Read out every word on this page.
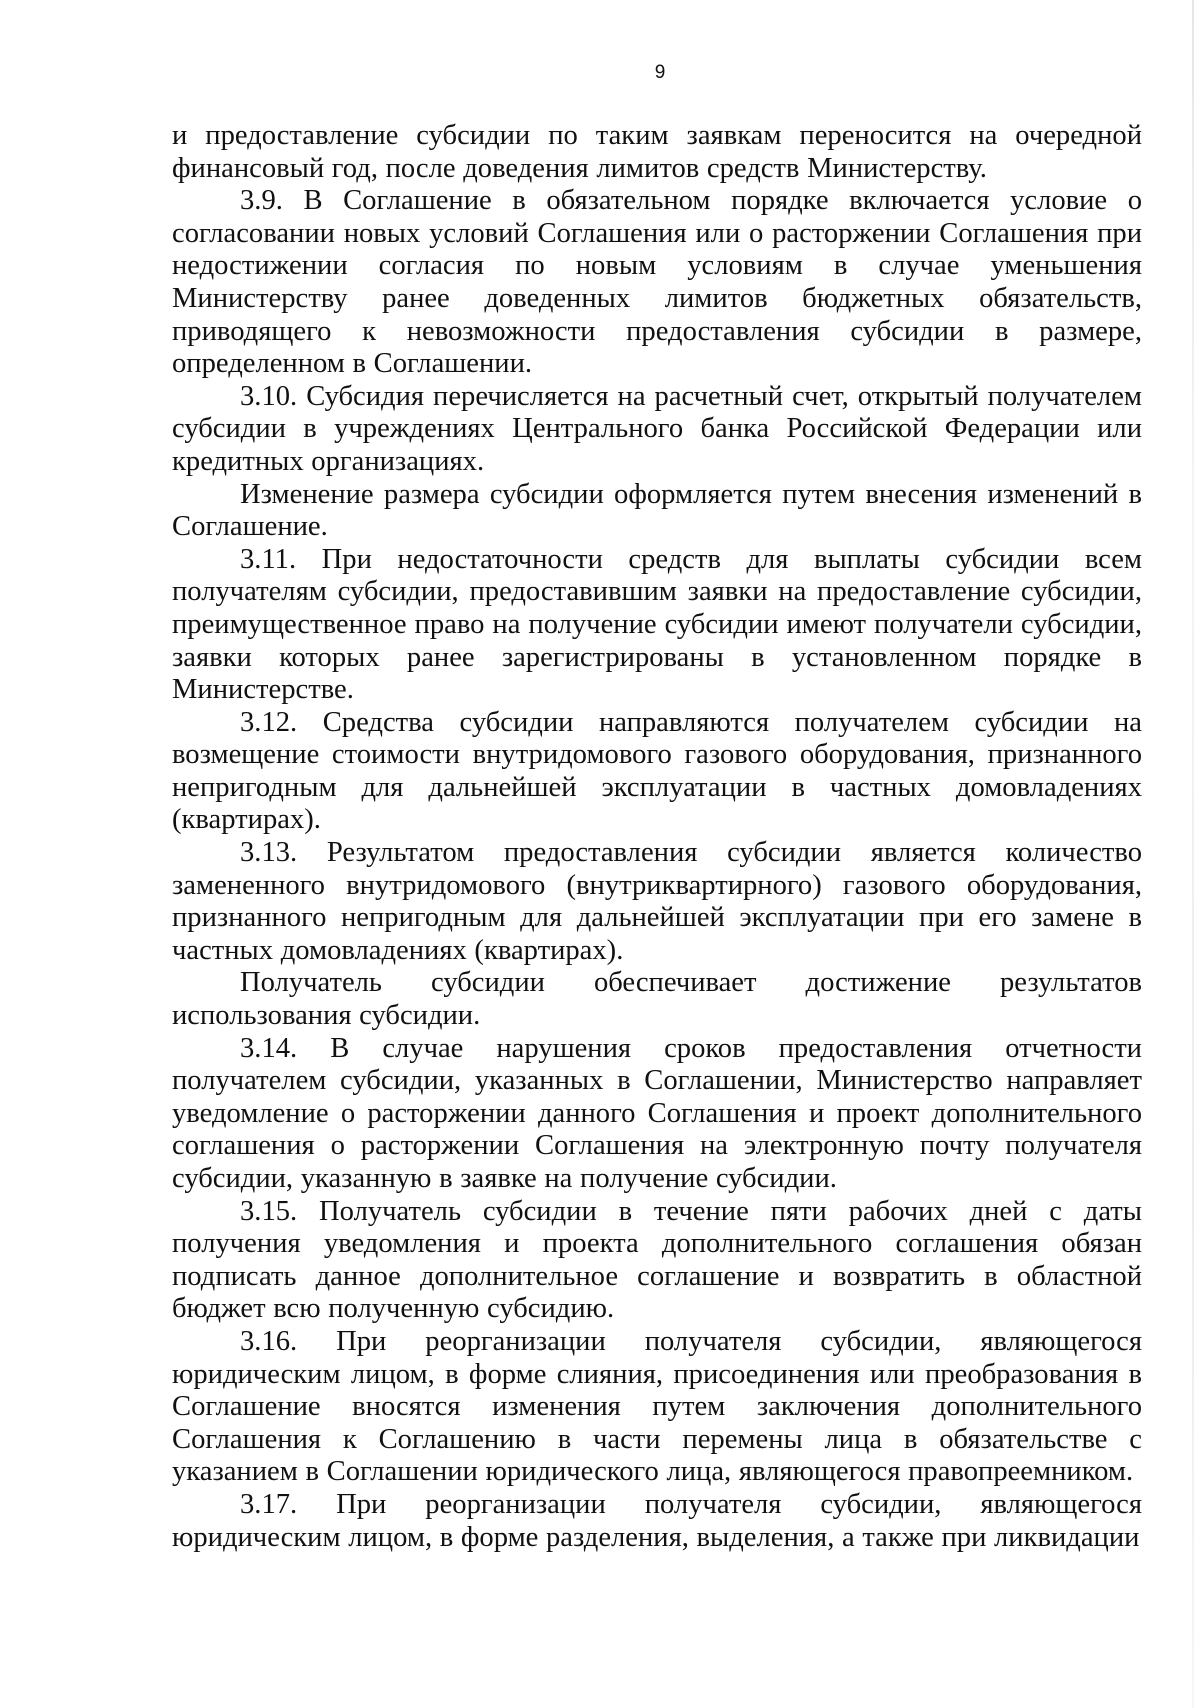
9

и предоставление субсидии по таким заявкам переносится на очередной финансовый год, после доведения лимитов средств Министерству.

3.9. В Соглашение в обязательном порядке включается условие о согласовании новых условий Соглашения или о расторжении Соглашения при недостижении согласия по новым условиям в случае уменьшения Министерству ранее доведенных лимитов бюджетных обязательств, приводящего к невозможности предоставления субсидии в размере, определенном в Соглашении.

3.10. Субсидия перечисляется на расчетный счет, открытый получателем субсидии в учреждениях Центрального банка Российской Федерации или кредитных организациях.

Изменение размера субсидии оформляется путем внесения изменений в Соглашение.

3.11. При недостаточности средств для выплаты субсидии всем получателям субсидии, предоставившим заявки на предоставление субсидии, преимущественное право на получение субсидии имеют получатели субсидии, заявки которых ранее зарегистрированы в установленном порядке в Министерстве.

3.12. Средства субсидии направляются получателем субсидии на возмещение стоимости внутридомового газового оборудования, признанного непригодным для дальнейшей эксплуатации в частных домовладениях (квартирах).

3.13. Результатом предоставления субсидии является количество замененного внутридомового (внутриквартирного) газового оборудования, признанного непригодным для дальнейшей эксплуатации при его замене в частных домовладениях (квартирах).

Получатель субсидии обеспечивает достижение результатов использования субсидии.

3.14. В случае нарушения сроков предоставления отчетности получателем субсидии, указанных в Соглашении, Министерство направляет уведомление о расторжении данного Соглашения и проект дополнительного соглашения о расторжении Соглашения на электронную почту получателя субсидии, указанную в заявке на получение субсидии.

3.15. Получатель субсидии в течение пяти рабочих дней с даты получения уведомления и проекта дополнительного соглашения обязан подписать данное дополнительное соглашение и возвратить в областной бюджет всю полученную субсидию.

3.16. При реорганизации получателя субсидии, являющегося юридическим лицом, в форме слияния, присоединения или преобразования в Соглашение вносятся изменения путем заключения дополнительного Соглашения к Соглашению в части перемены лица в обязательстве с указанием в Соглашении юридического лица, являющегося правопреемником.

3.17. При реорганизации получателя субсидии, являющегося юридическим лицом, в форме разделения, выделения, а также при ликвидации
